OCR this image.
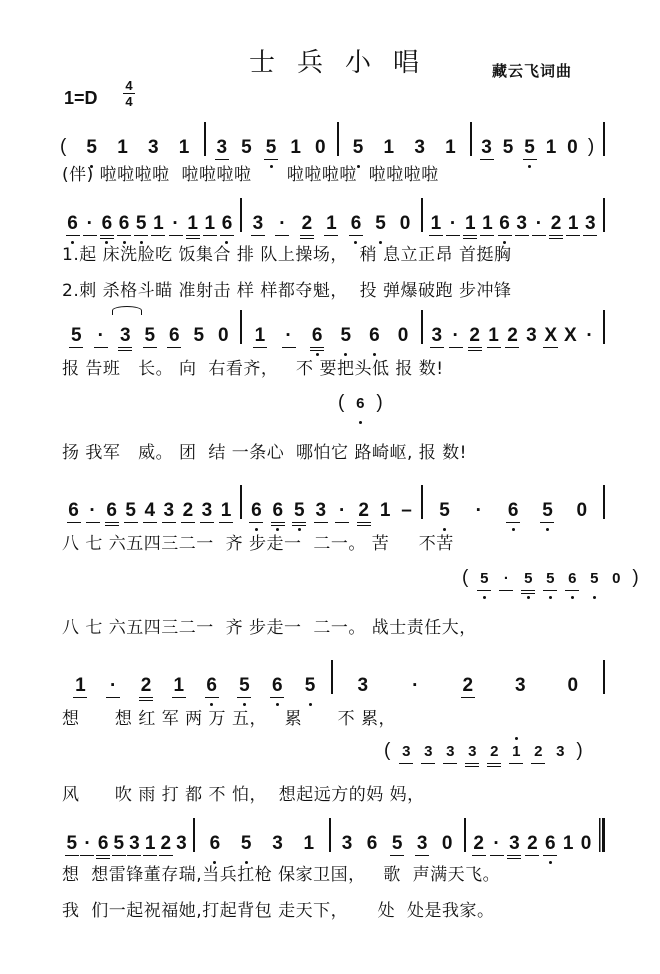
士兵小唱	藏云飞词曲
$1=D \frac{4}{4}$
( 5 1 3 1 3 5 5 1 0 5 1 3 1 3 5 5 1 0 )
(伴) 啦啦啦啦  啦啦啦啦      啦啦啦啦  啦啦啦啦
6 · 6 6 5 1 · 1 1 6 3 · 2 1 6 5 0 1 · 1 1 6 3 · 2 1 3
1.起 床洗脸吃 饭集合 排 队上操场，  稍 息立正昂 首挺胸
2.刺 杀格斗瞄 准射击 样 样都夺魁，  投 弹爆破跑 步冲锋
5 · 3 5 6 5 0 1 · 6 5 6 0 3 · 2 1 2 3 X X ·
报 告班   长。 向  右看齐，   不 要把头低 报 数!
扬 我军   威。 团  结 一条心  哪怕它 路崎岖, 报 数!
( 6 )
6 · 6 5 4 3 2 3 1 6 6 5 3 · 2 1 – 5 · 6 5 0
八 七 六五四三二一  齐 步走一  二一。 苦     不苦
八 七 六五四三二一  齐 步走一  二一。 战士责任大，
( 5 · 5 5 6 5 0 )
1 · 2 1 6 5 6 5 3 · 2 3 0
想      想 红 军 两 万 五，   累      不 累，
风      吹 雨 打 都 不 怕，  想起远方的妈 妈，
( 3 3 3 3 2 1 2 3 )
5 · 6 5 3 1 2 3 6 5 3 1 3 6 5 3 0 2 · 3 2 6 1 0
想  想雷锋董存瑞,当兵扛枪 保家卫国，   歌  声满天飞。
我  们一起祝福她,打起背包 走天下，     处  处是我家。
